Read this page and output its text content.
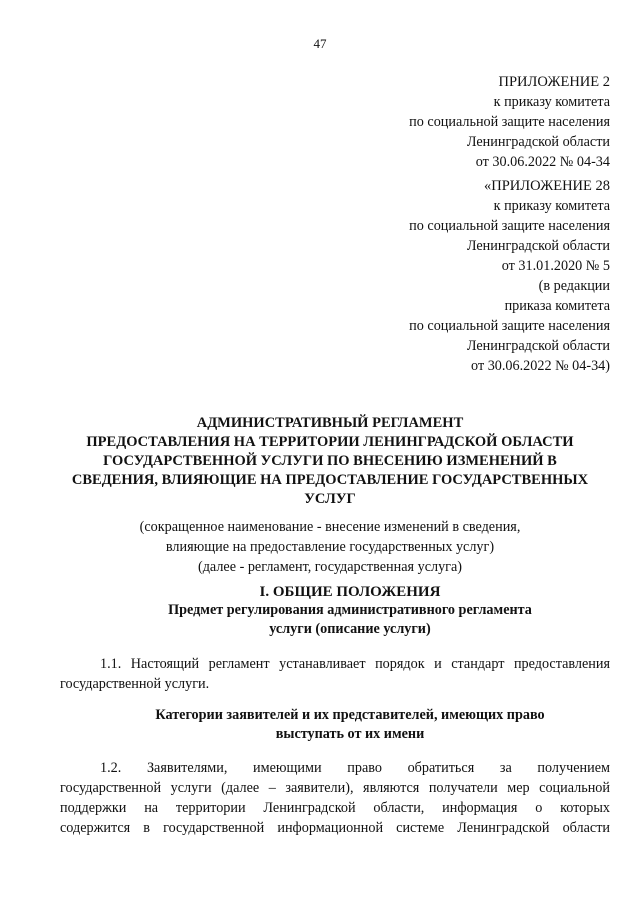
47
ПРИЛОЖЕНИЕ 2
к приказу комитета
по социальной защите населения
Ленинградской области
от 30.06.2022 № 04-34
«ПРИЛОЖЕНИЕ 28
к приказу комитета
по социальной защите населения
Ленинградской области
от 31.01.2020 № 5
(в редакции
приказа комитета
по социальной защите населения
Ленинградской области
от 30.06.2022 № 04-34)
АДМИНИСТРАТИВНЫЙ РЕГЛАМЕНТ
ПРЕДОСТАВЛЕНИЯ НА ТЕРРИТОРИИ ЛЕНИНГРАДСКОЙ ОБЛАСТИ
ГОСУДАРСТВЕННОЙ УСЛУГИ ПО ВНЕСЕНИЮ ИЗМЕНЕНИЙ В
СВЕДЕНИЯ, ВЛИЯЮЩИЕ НА ПРЕДОСТАВЛЕНИЕ ГОСУДАРСТВЕННЫХ
УСЛУГ
(сокращенное наименование - внесение изменений в сведения,
влияющие на предоставление государственных услуг)
(далее - регламент, государственная услуга)
I. ОБЩИЕ ПОЛОЖЕНИЯ
Предмет регулирования административного регламента
услуги (описание услуги)
1.1. Настоящий регламент устанавливает порядок и стандарт предоставления
государственной услуги.
Категории заявителей и их представителей, имеющих право
выступать от их имени
1.2. Заявителями, имеющими право обратиться за получением
государственной услуги (далее – заявители), являются получатели мер социальной
поддержки на территории Ленинградской области, информация о которых
содержится в государственной информационной системе Ленинградской области
